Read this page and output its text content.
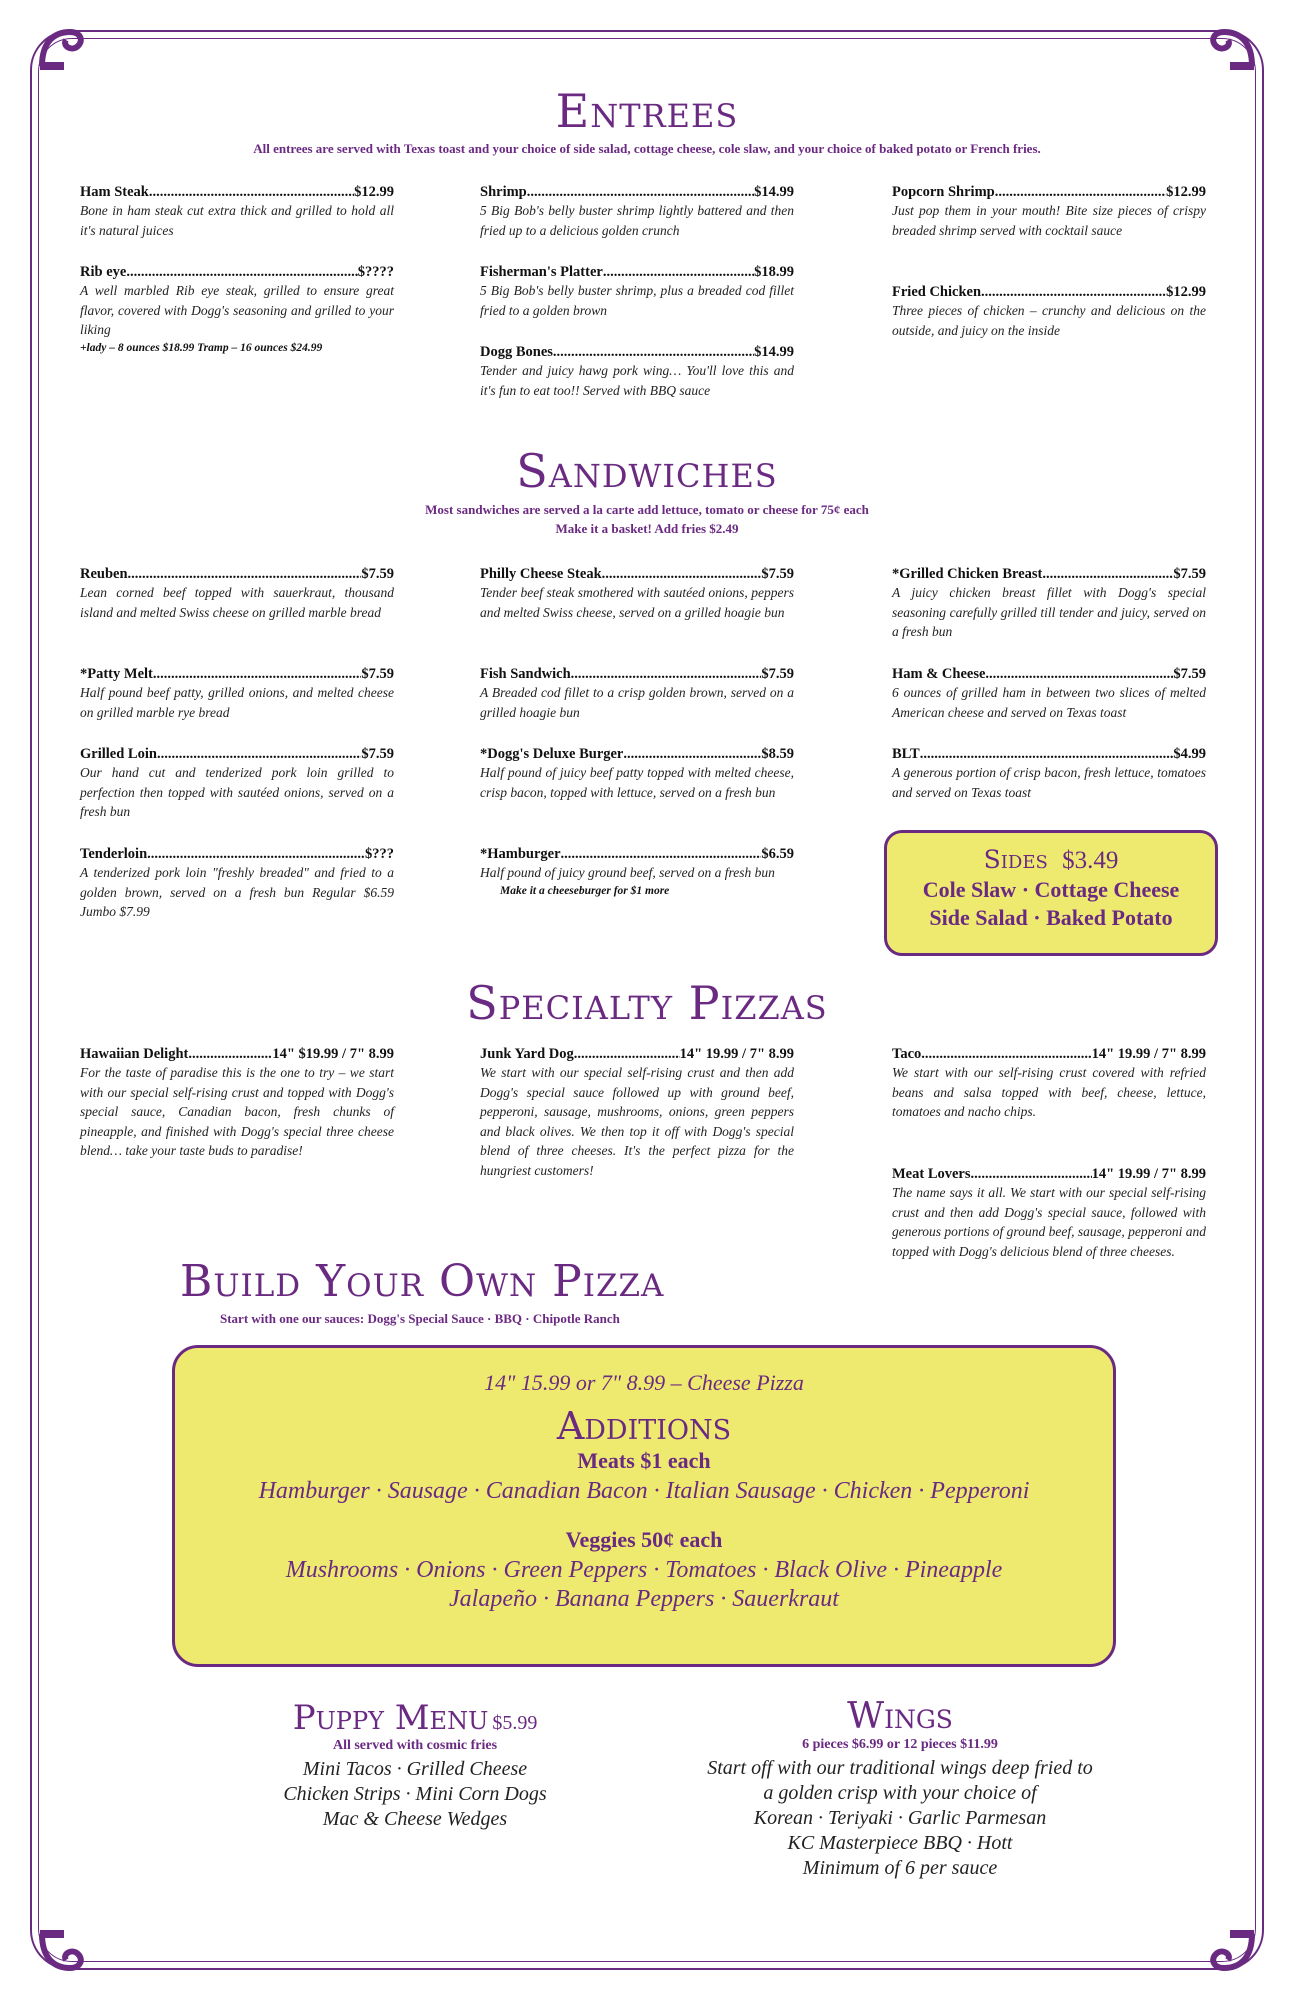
Entrees
All entrees are served with Texas toast and your choice of side salad, cottage cheese, cole slaw, and your choice of baked potato or French fries.
Ham Steak .....	$12.99
Bone in ham steak cut extra thick and grilled to hold all it's natural juices
Rib eye .....	$????
A well marbled Rib eye steak, grilled to ensure great flavor, covered with Dogg's seasoning and grilled to your liking
+lady – 8 ounces $18.99 Tramp – 16 ounces $24.99
Shrimp .....	$14.99
5 Big Bob's belly buster shrimp lightly battered and then fried up to a delicious golden crunch
Fisherman's Platter .....	$18.99
5 Big Bob's belly buster shrimp, plus a breaded cod fillet fried to a golden brown
Dogg Bones .....	$14.99
Tender and juicy hawg pork wing… You'll love this and it's fun to eat too!! Served with BBQ sauce
Popcorn Shrimp .....	$12.99
Just pop them in your mouth! Bite size pieces of crispy breaded shrimp served with cocktail sauce
Fried Chicken .....	$12.99
Three pieces of chicken – crunchy and delicious on the outside, and juicy on the inside
Sandwiches
Most sandwiches are served a la carte add lettuce, tomato or cheese for 75¢ each
Make it a basket! Add fries $2.49
Reuben .....	$7.59
Lean corned beef topped with sauerkraut, thousand island and melted Swiss cheese on grilled marble bread
*Patty Melt .....	$7.59
Half pound beef patty, grilled onions, and melted cheese on grilled marble rye bread
Grilled Loin .....	$7.59
Our hand cut and tenderized pork loin grilled to perfection then topped with sautéed onions, served on a fresh bun
Tenderloin .....	$???
A tenderized pork loin "freshly breaded" and fried to a golden brown, served on a fresh bun Regular $6.59 Jumbo $7.99
Philly Cheese Steak .....	$7.59
Tender beef steak smothered with sautéed onions, peppers and melted Swiss cheese, served on a grilled hoagie bun
Fish Sandwich .....	$7.59
A Breaded cod fillet to a crisp golden brown, served on a grilled hoagie bun
*Dogg's Deluxe Burger .....	$8.59
Half pound of juicy beef patty topped with melted cheese, crisp bacon, topped with lettuce, served on a fresh bun
*Hamburger .....	$6.59
Half pound of juicy ground beef, served on a fresh bun
Make it a cheeseburger for $1 more
*Grilled Chicken Breast .....	$7.59
A juicy chicken breast fillet with Dogg's special seasoning carefully grilled till tender and juicy, served on a fresh bun
Ham & Cheese .....	$7.59
6 ounces of grilled ham in between two slices of melted American cheese and served on Texas toast
BLT .....	$4.99
A generous portion of crisp bacon, fresh lettuce, tomatoes and served on Texas toast
Sides $3.49
Cole Slaw · Cottage Cheese
Side Salad · Baked Potato
Specialty Pizzas
Hawaiian Delight .....	14" $19.99 / 7" 8.99
For the taste of paradise this is the one to try – we start with our special self-rising crust and topped with Dogg's special sauce, Canadian bacon, fresh chunks of pineapple, and finished with Dogg's special three cheese blend… take your taste buds to paradise!
Junk Yard Dog .....	14" 19.99 / 7" 8.99
We start with our special self-rising crust and then add Dogg's special sauce followed up with ground beef, pepperoni, sausage, mushrooms, onions, green peppers and black olives. We then top it off with Dogg's special blend of three cheeses. It's the perfect pizza for the hungriest customers!
Taco .....	14" 19.99 / 7" 8.99
We start with our self-rising crust covered with refried beans and salsa topped with beef, cheese, lettuce, tomatoes and nacho chips.
Meat Lovers .....	14" 19.99 / 7" 8.99
The name says it all. We start with our special self-rising crust and then add Dogg's special sauce, followed with generous portions of ground beef, sausage, pepperoni and topped with Dogg's delicious blend of three cheeses.
Build Your Own Pizza
Start with one our sauces: Dogg's Special Sauce · BBQ · Chipotle Ranch
14" 15.99 or 7" 8.99 – Cheese Pizza
Additions
Meats $1 each
Hamburger · Sausage · Canadian Bacon · Italian Sausage · Chicken · Pepperoni
Veggies 50¢ each
Mushrooms · Onions · Green Peppers · Tomatoes · Black Olive · Pineapple
Jalapeño · Banana Peppers · Sauerkraut
Puppy Menu $5.99
All served with cosmic fries
Mini Tacos · Grilled Cheese
Chicken Strips · Mini Corn Dogs
Mac & Cheese Wedges
Wings
6 pieces $6.99 or 12 pieces $11.99
Start off with our traditional wings deep fried to
a golden crisp with your choice of
Korean · Teriyaki · Garlic Parmesan
KC Masterpiece BBQ · Hott
Minimum of 6 per sauce
